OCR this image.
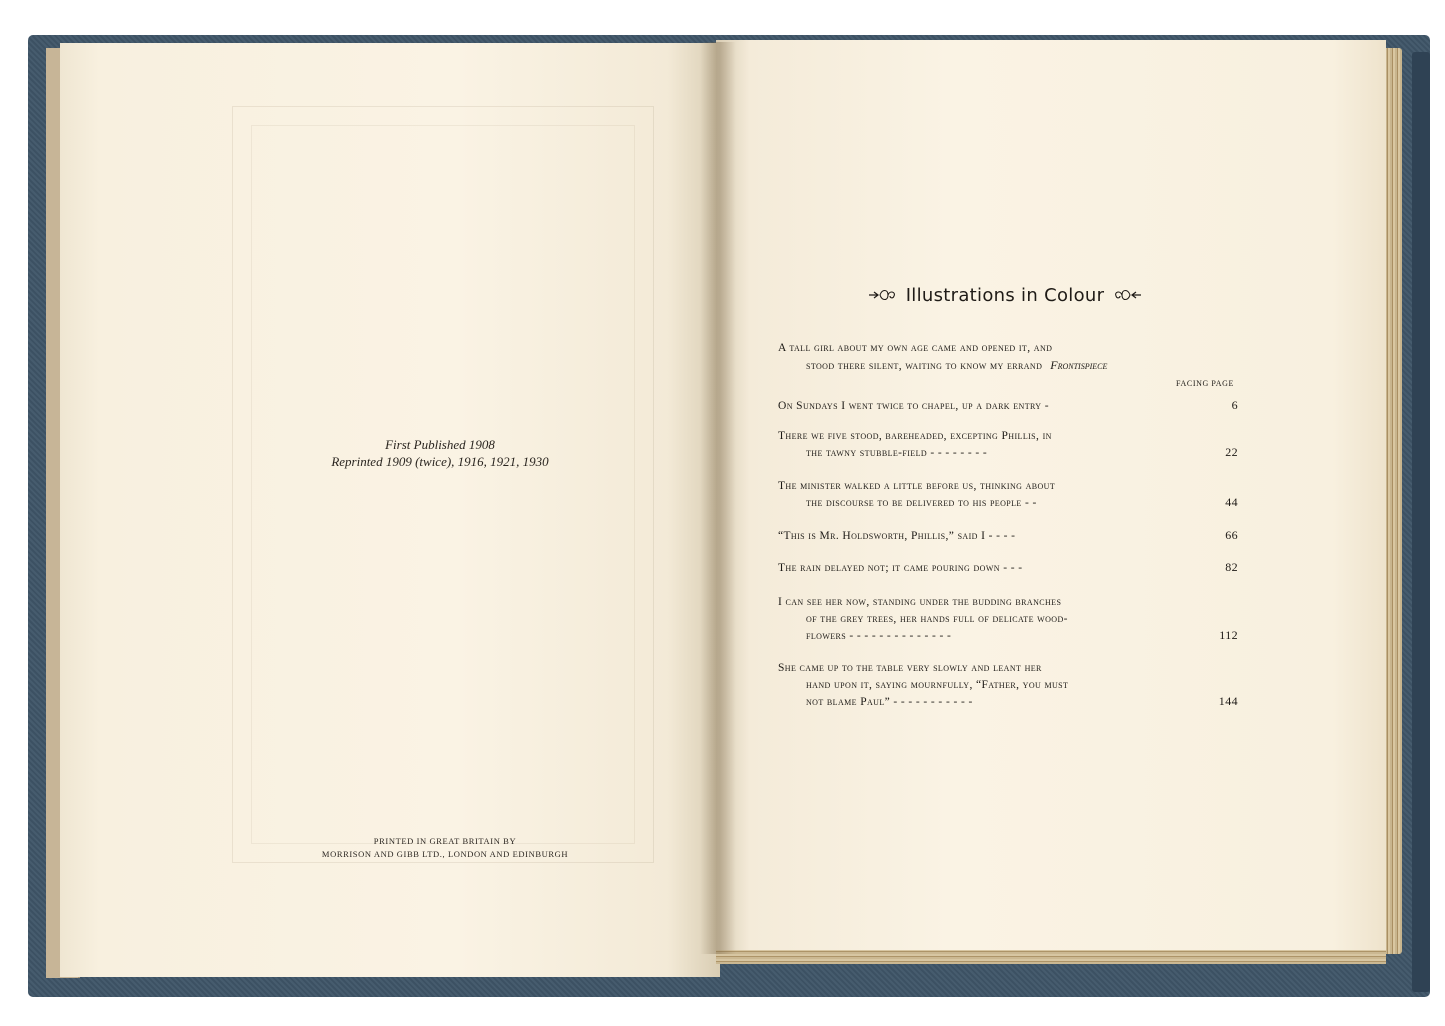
First Published 1908
Reprinted 1909 (twice), 1916, 1921, 1930
PRINTED IN GREAT BRITAIN BY
MORRISON AND GIBB LTD., LONDON AND EDINBURGH
Illustrations in Colour
A tall girl about my own age came and opened it, and
stood there silent, waiting to know my errand Frontispiece
FACING PAGE
On Sundays I went twice to chapel, up a dark entry -	6
There we five stood, bareheaded, excepting Phillis, in
the tawny stubble-field - - - - - - - -	22
The minister walked a little before us, thinking about
the discourse to be delivered to his people - -	44
“This is Mr. Holdsworth, Phillis,” said I - - - -	66
The rain delayed not; it came pouring down - - -	82
I can see her now, standing under the budding branches
of the grey trees, her hands full of delicate wood-
flowers - - - - - - - - - - - - - -	112
She came up to the table very slowly and leant her
hand upon it, saying mournfully, “Father, you must
not blame Paul” - - - - - - - - - - -	144
